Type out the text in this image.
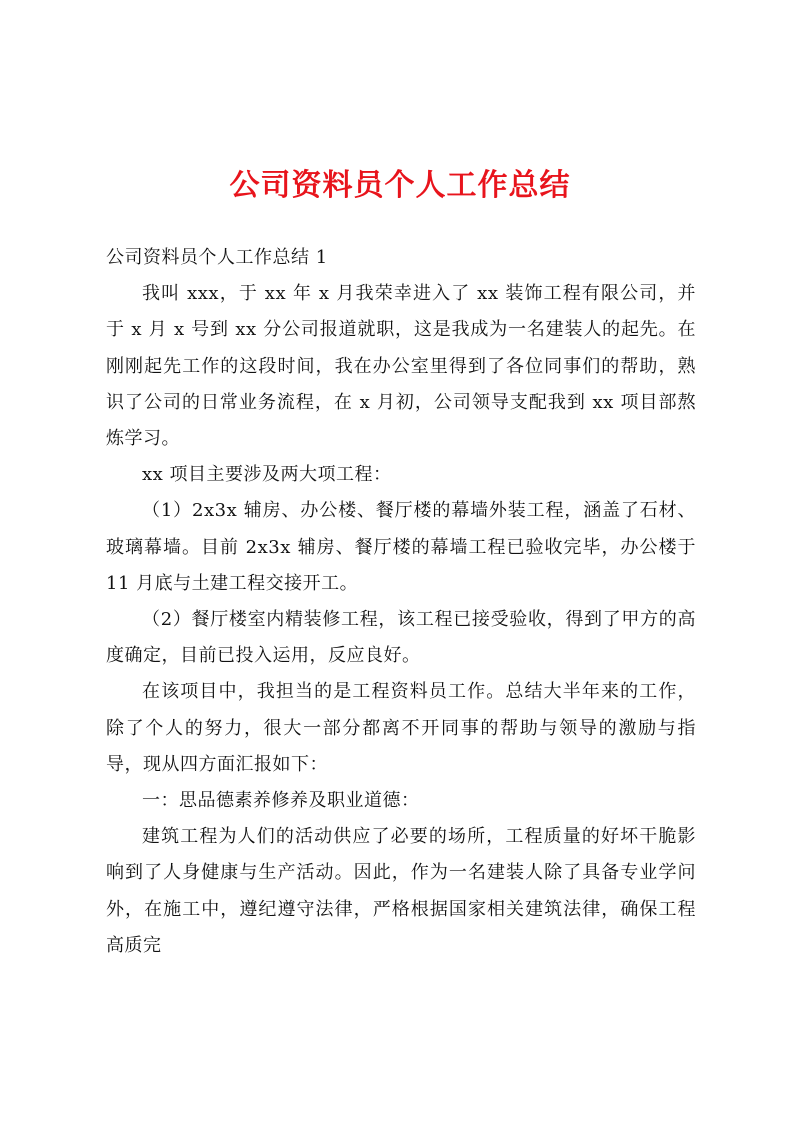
公司资料员个人工作总结

公司资料员个人工作总结 1

我叫 xxx，于 xx 年 x 月我荣幸进入了 xx 装饰工程有限公司，并于 x 月 x 号到 xx 分公司报道就职，这是我成为一名建装人的起先。在刚刚起先工作的这段时间，我在办公室里得到了各位同事们的帮助，熟识了公司的日常业务流程，在 x 月初，公司领导支配我到 xx 项目部熬炼学习。

xx 项目主要涉及两大项工程：

（1）2x3x 辅房、办公楼、餐厅楼的幕墙外装工程，涵盖了石材、玻璃幕墙。目前 2x3x 辅房、餐厅楼的幕墙工程已验收完毕，办公楼于 11 月底与土建工程交接开工。

（2）餐厅楼室内精装修工程，该工程已接受验收，得到了甲方的高度确定，目前已投入运用，反应良好。

在该项目中，我担当的是工程资料员工作。总结大半年来的工作，除了个人的努力，很大一部分都离不开同事的帮助与领导的激励与指导，现从四方面汇报如下：

一：思品德素养修养及职业道德：

建筑工程为人们的活动供应了必要的场所，工程质量的好坏干脆影响到了人身健康与生产活动。因此，作为一名建装人除了具备专业学问外，在施工中，遵纪遵守法律，严格根据国家相关建筑法律，确保工程高质完
